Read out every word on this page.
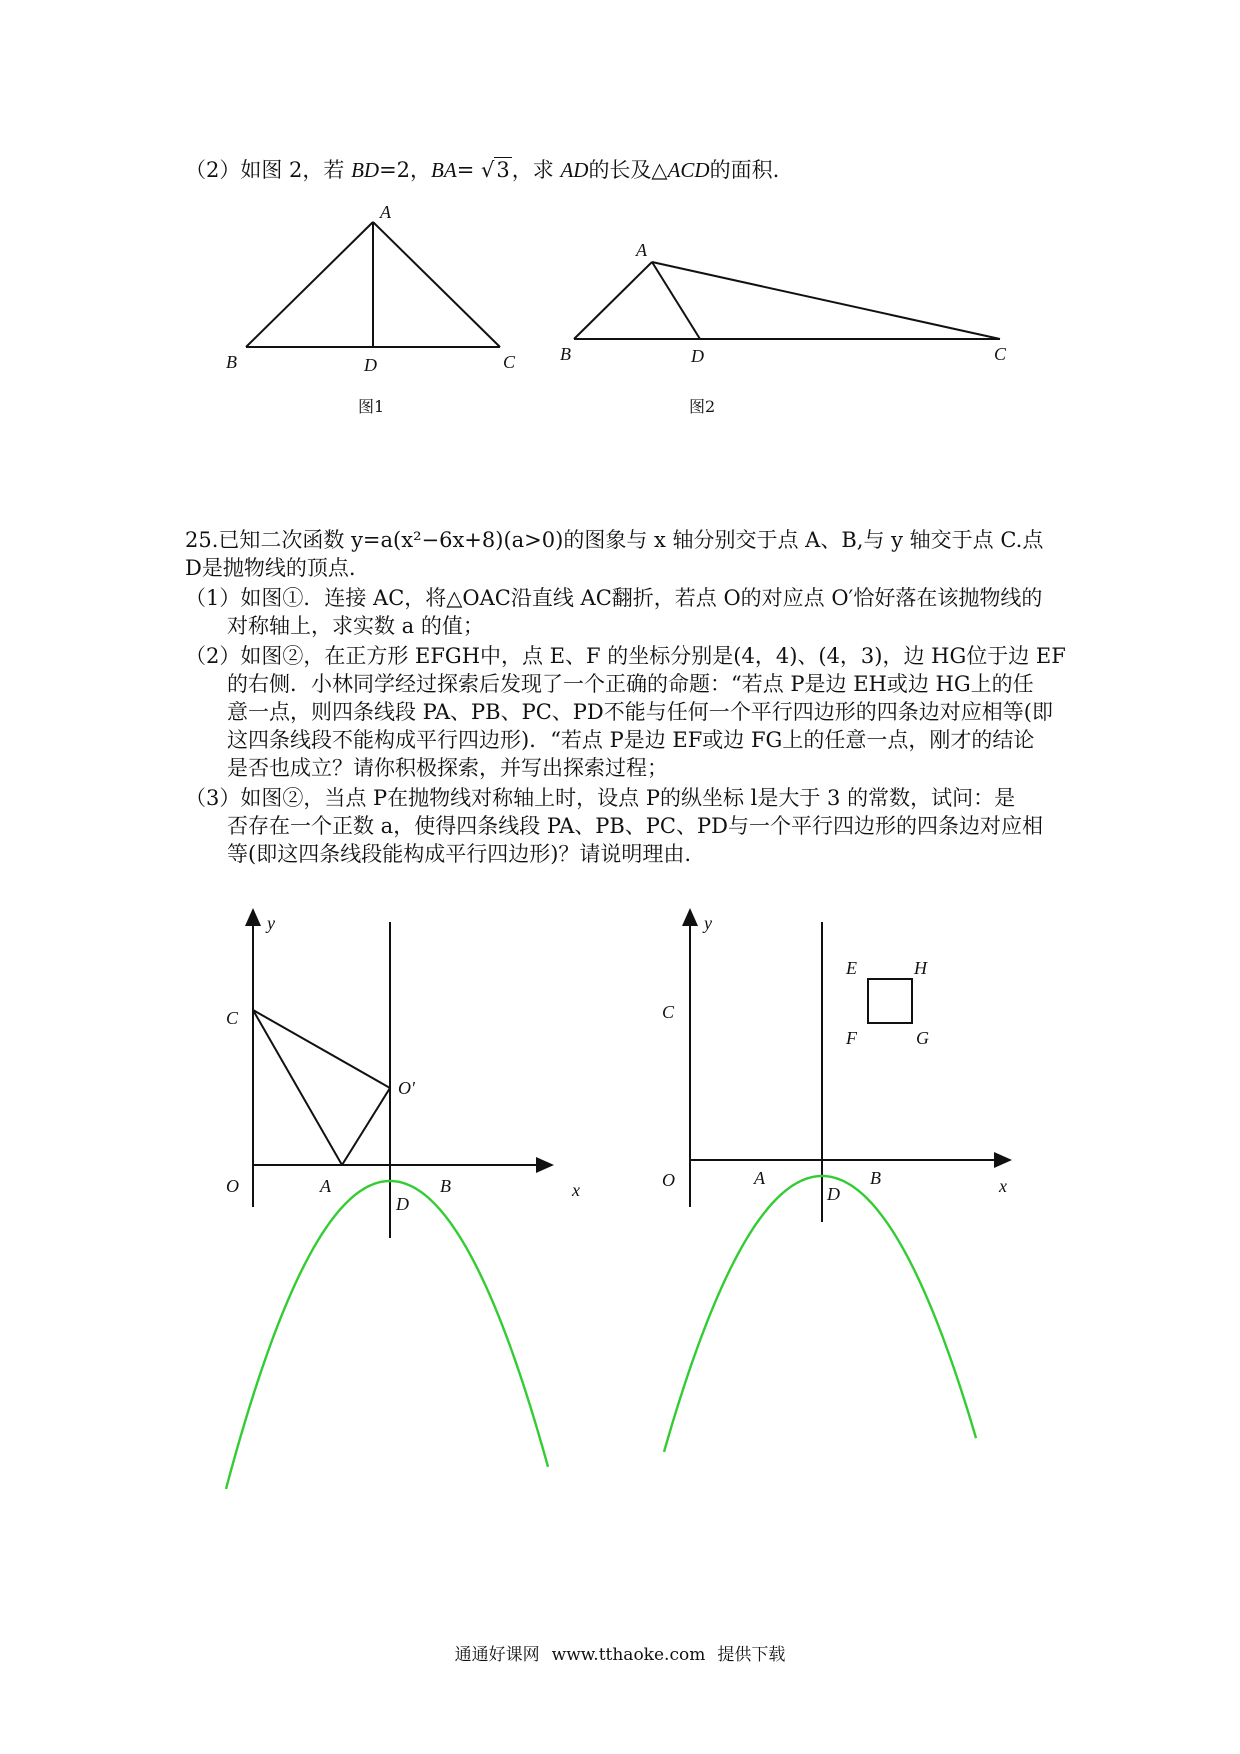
（2）如图 2，若 BD=2，BA= √3，求 AD的长及△ACD的面积.
A
B	D	C
图1
A
B	D	C
图2
25.已知二次函数 y=a(x²−6x+8)(a>0)的图象与 x 轴分别交于点 A、B,与 y 轴交于点 C.点
D是抛物线的顶点.
（1）如图①．连接 AC，将△OAC沿直线 AC翻折，若点 O的对应点 O′恰好落在该抛物线的
对称轴上，求实数 a 的值；
（2）如图②，在正方形 EFGH中，点 E、F 的坐标分别是(4，4)、(4，3)，边 HG位于边 EF
的右侧．小林同学经过探索后发现了一个正确的命题：“若点 P是边 EH或边 HG上的任
意一点，则四条线段 PA、PB、PC、PD不能与任何一个平行四边形的四条边对应相等(即
这四条线段不能构成平行四边形)．“若点 P是边 EF或边 FG上的任意一点，刚才的结论
是否也成立？请你积极探索，并写出探索过程；
（3）如图②，当点 P在抛物线对称轴上时，设点 P的纵坐标 l是大于 3 的常数，试问：是
否存在一个正数 a，使得四条线段 PA、PB、PC、PD与一个平行四边形的四条边对应相
等(即这四条线段能构成平行四边形)？请说明理由.
y
x
C
O	A	B
D
O′
y
x
C
O	A	B
D
E	H
F	G
通通好课网 www.tthaoke.com 提供下载
